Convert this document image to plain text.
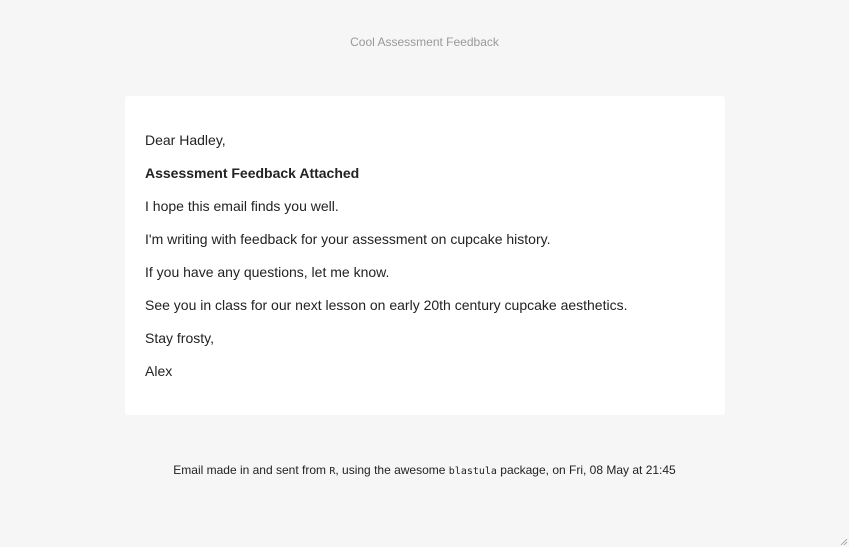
Cool Assessment Feedback

Dear Hadley,

Assessment Feedback Attached

I hope this email finds you well.

I'm writing with feedback for your assessment on cupcake history.

If you have any questions, let me know.

See you in class for our next lesson on early 20th century cupcake aesthetics.

Stay frosty,

Alex

Email made in and sent from R, using the awesome blastula package, on Fri, 08 May at 21:45
